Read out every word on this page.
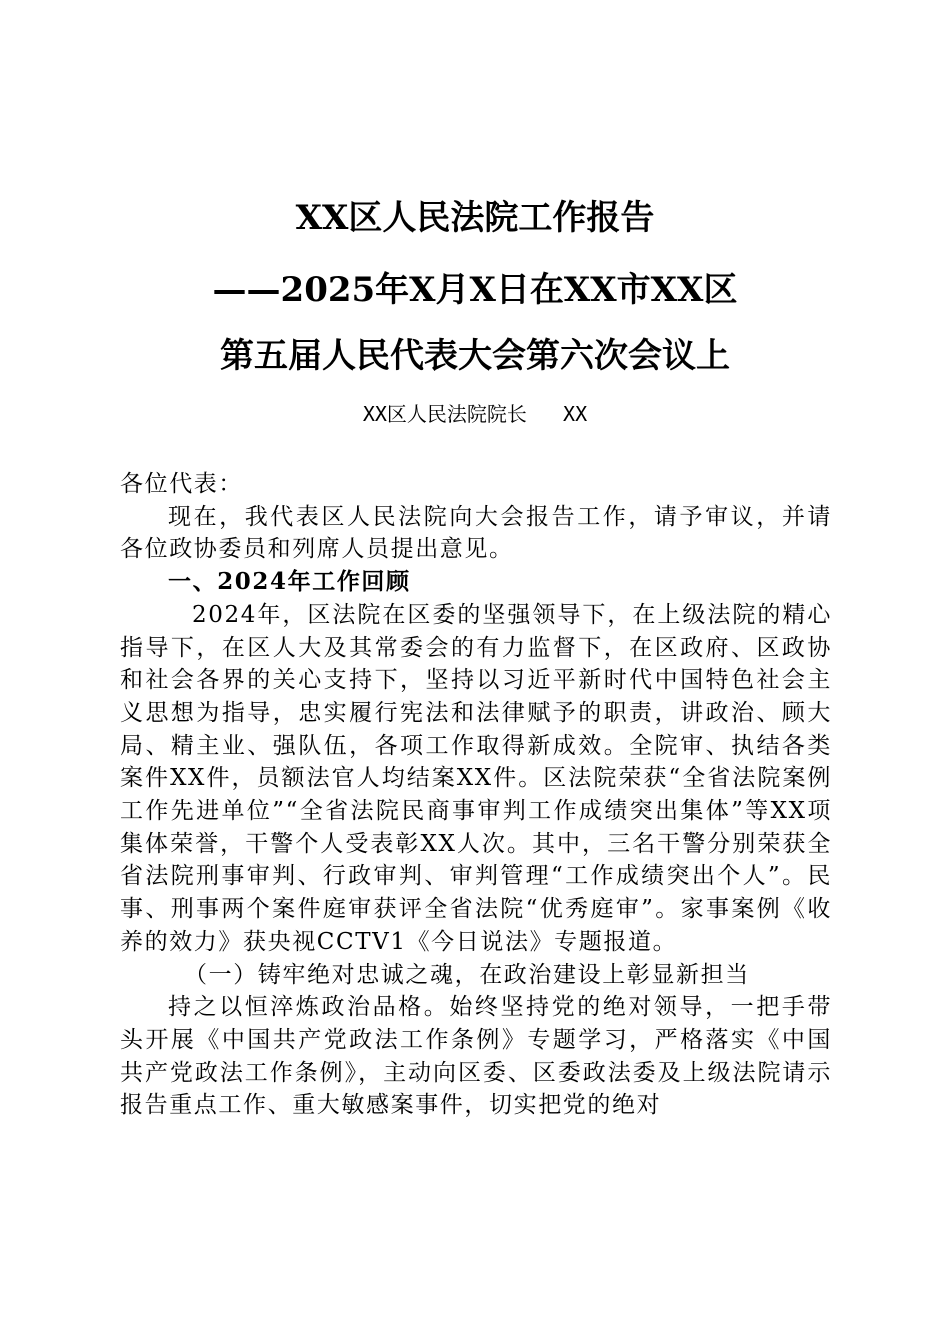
XX区人民法院工作报告
——2025年X月X日在XX市XX区
第五届人民代表大会第六次会议上
XX区人民法院院长   XX

各位代表：

现在，我代表区人民法院向大会报告工作，请予审议，并请各位政协委员和列席人员提出意见。

一、2024年工作回顾

2024年，区法院在区委的坚强领导下，在上级法院的精心指导下，在区人大及其常委会的有力监督下，在区政府、区政协和社会各界的关心支持下，坚持以习近平新时代中国特色社会主义思想为指导，忠实履行宪法和法律赋予的职责，讲政治、顾大局、精主业、强队伍，各项工作取得新成效。全院审、执结各类案件XX件，员额法官人均结案XX件。区法院荣获“全省法院案例工作先进单位”“全省法院民商事审判工作成绩突出集体”等XX项集体荣誉，干警个人受表彰XX人次。其中，三名干警分别荣获全省法院刑事审判、行政审判、审判管理“工作成绩突出个人”。民事、刑事两个案件庭审获评全省法院“优秀庭审”。家事案例《收养的效力》获央视CCTV1《今日说法》专题报道。

（一）铸牢绝对忠诚之魂，在政治建设上彰显新担当

持之以恒淬炼政治品格。始终坚持党的绝对领导，一把手带头开展《中国共产党政法工作条例》专题学习，严格落实《中国共产党政法工作条例》，主动向区委、区委政法委及上级法院请示报告重点工作、重大敏感案事件，切实把党的绝对
